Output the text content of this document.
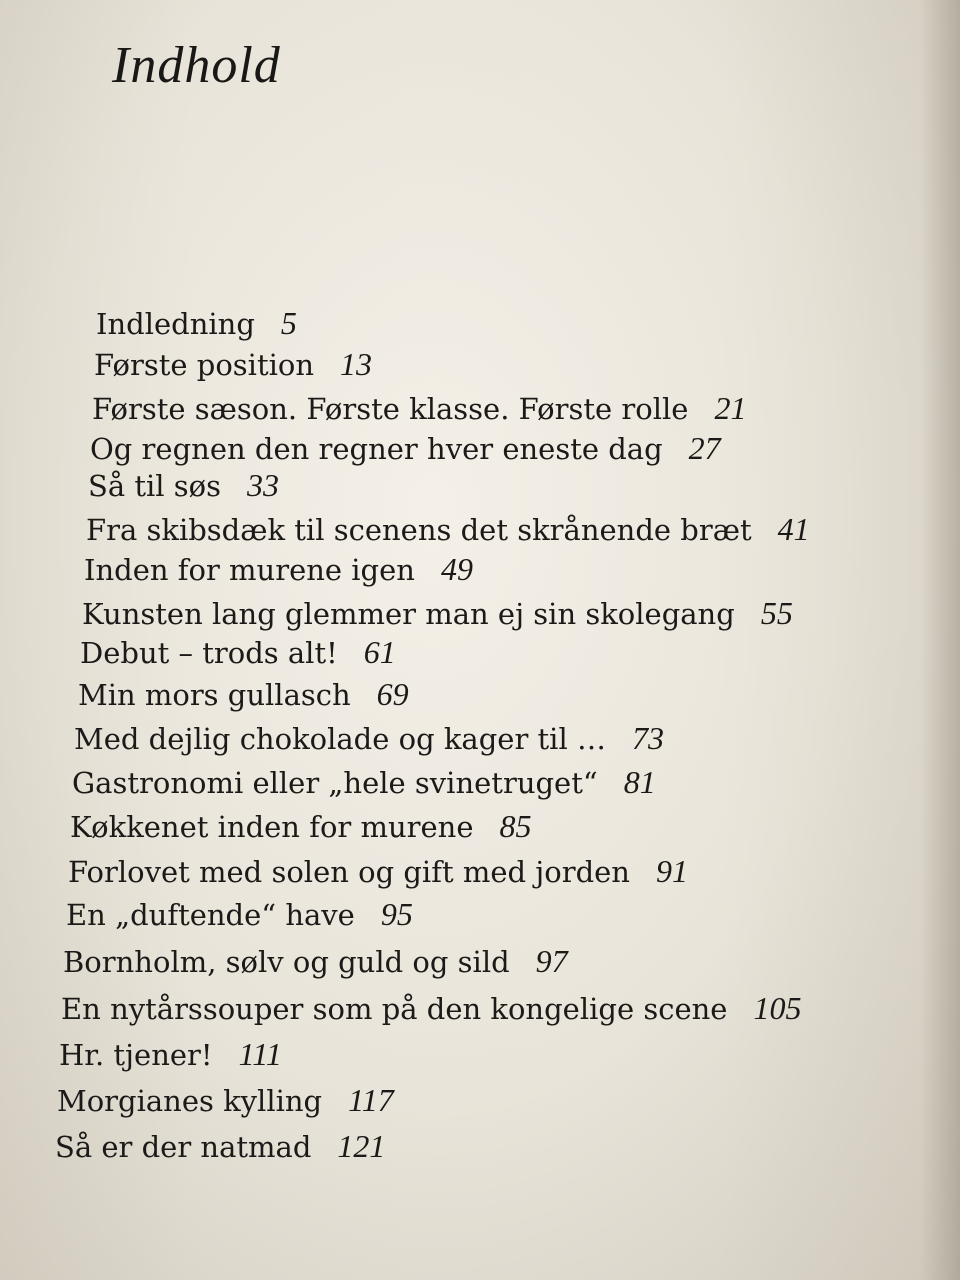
Indhold
Indledning 5
Første position 13
Første sæson. Første klasse. Første rolle 21
Og regnen den regner hver eneste dag 27
Så til søs 33
Fra skibsdæk til scenens det skrånende bræt 41
Inden for murene igen 49
Kunsten lang glemmer man ej sin skolegang 55
Debut – trods alt! 61
Min mors gullasch 69
Med dejlig chokolade og kager til … 73
Gastronomi eller „hele svinetruget“ 81
Køkkenet inden for murene 85
Forlovet med solen og gift med jorden 91
En „duftende“ have 95
Bornholm, sølv og guld og sild 97
En nytårssouper som på den kongelige scene 105
Hr. tjener! 111
Morgianes kylling 117
Så er der natmad 121
